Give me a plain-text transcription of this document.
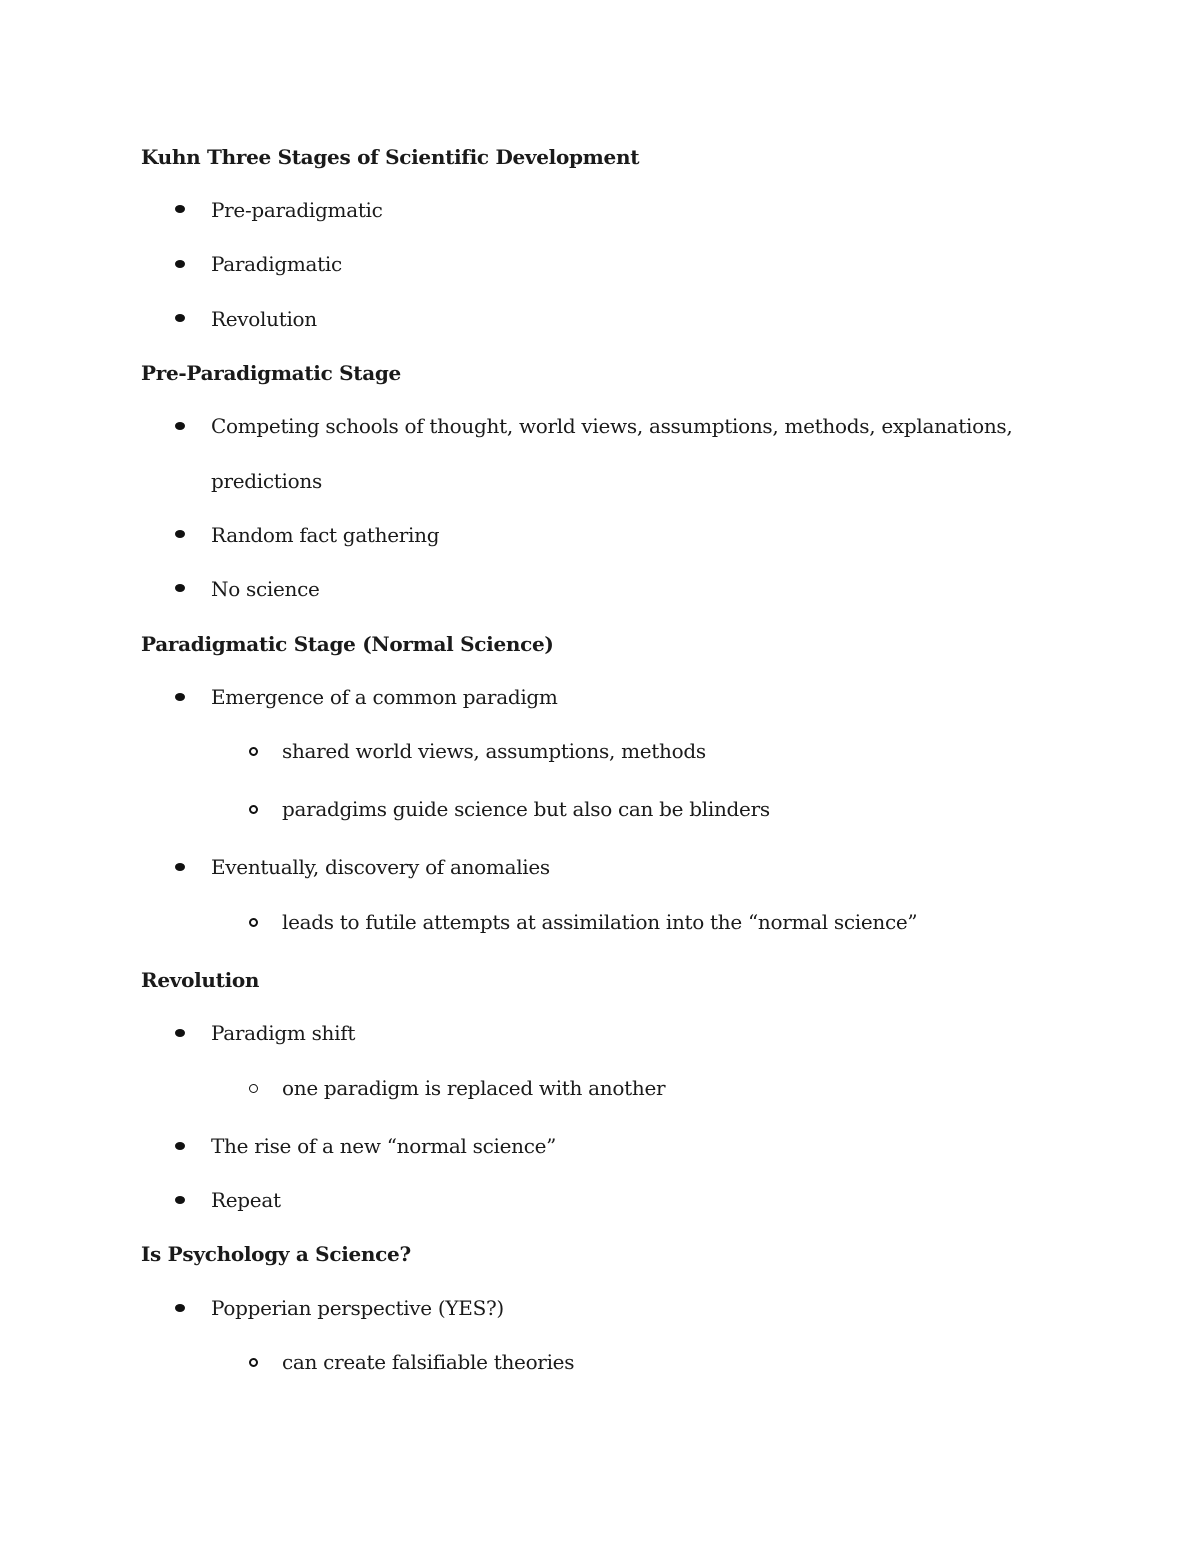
Kuhn Three Stages of Scientific Development
Pre-paradigmatic
Paradigmatic
Revolution
Pre-Paradigmatic Stage
Competing schools of thought, world views, assumptions, methods, explanations,
predictions
Random fact gathering
No science
Paradigmatic Stage (Normal Science)
Emergence of a common paradigm
shared world views, assumptions, methods
paradgims guide science but also can be blinders
Eventually, discovery of anomalies
leads to futile attempts at assimilation into the “normal science”
Revolution
Paradigm shift
one paradigm is replaced with another
The rise of a new “normal science”
Repeat
Is Psychology a Science?
Popperian perspective (YES?)
can create falsifiable theories
